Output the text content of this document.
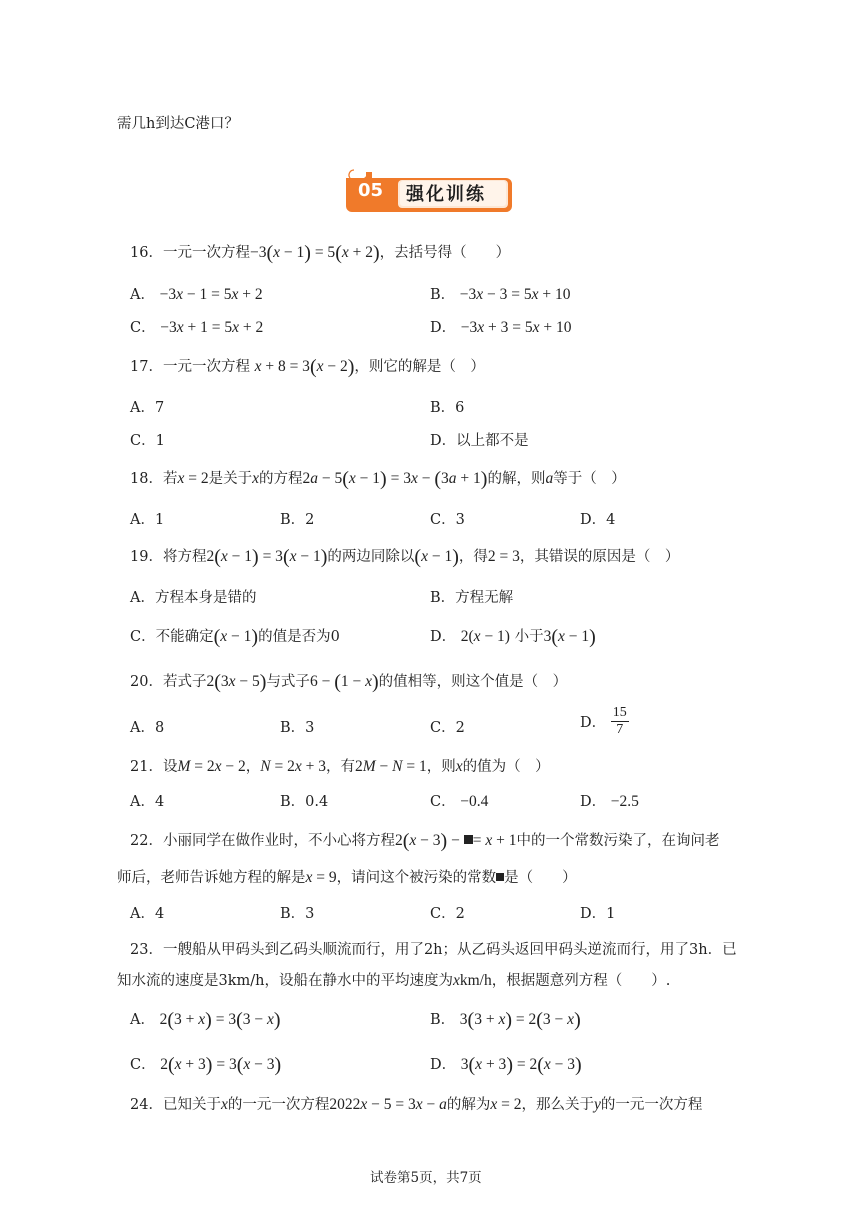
需几h到达C港口？
05 强化训练
16．一元一次方程−3(x − 1) = 5(x + 2)，去括号得（　　）
A． −3x − 1 = 5x + 2	B． −3x − 3 = 5x + 10
C． −3x + 1 = 5x + 2	D． −3x + 3 = 5x + 10
17．一元一次方程 x + 8 = 3(x − 2)，则它的解是（　）
A．7	B．6
C．1	D．以上都不是
18．若x = 2是关于x的方程2a − 5(x − 1) = 3x − (3a + 1)的解，则a等于（　）
A．1	B．2	C．3	D．4
19．将方程2(x − 1) = 3(x − 1)的两边同除以(x − 1)，得2 = 3，其错误的原因是（　）
A．方程本身是错的	B．方程无解
C．不能确定(x − 1)的值是否为0	D． 2(x − 1) 小于3(x − 1)
20．若式子2(3x − 5)与式子6 − (1 − x)的值相等，则这个值是（　）
A．8	B．3	C．2	D． $\frac{15}{7}$
21．设M = 2x − 2，N = 2x + 3，有2M − N = 1，则x的值为（　）
A．4	B．0.4	C． −0.4	D． −2.5
22．小丽同学在做作业时，不小心将方程2(x − 3) − = x + 1中的一个常数污染了，在询问老
师后，老师告诉她方程的解是x = 9，请问这个被污染的常数 是（　　）
A．4	B．3	C．2	D．1
23．一艘船从甲码头到乙码头顺流而行，用了2h；从乙码头返回甲码头逆流而行，用了3h．已
知水流的速度是3km/h，设船在静水中的平均速度为xkm/h，根据题意列方程（　　）.
A． 2(3 + x) = 3(3 − x)	B． 3(3 + x) = 2(3 − x)
C． 2(x + 3) = 3(x − 3)	D． 3(x + 3) = 2(x − 3)
24．已知关于x的一元一次方程2022x − 5 = 3x − a的解为x = 2，那么关于y的一元一次方程
试卷第5页，共7页
